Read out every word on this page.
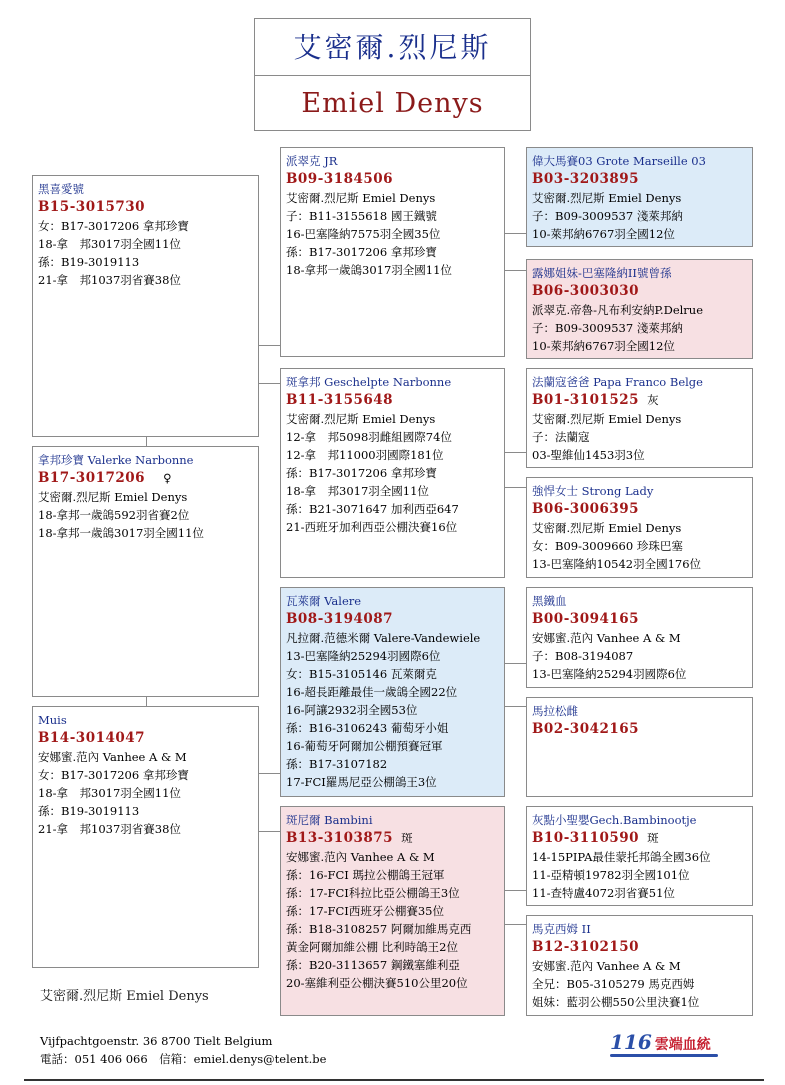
艾密爾.烈尼斯
Emiel Denys
黑喜愛號
B15-3015730
女：B17-3017206 拿邦珍寶
18-拿　邦3017羽全國11位
孫：B19-3019113
21-拿　邦1037羽省賽38位
拿邦珍寶 Valerke Narbonne
B17-3017206 ♀
艾密爾.烈尼斯 Emiel Denys
18-拿邦一歲鴿592羽省賽2位
18-拿邦一歲鴿3017羽全國11位
Muis
B14-3014047
安娜蜜.范內 Vanhee A & M
女：B17-3017206 拿邦珍寶
18-拿　邦3017羽全國11位
孫：B19-3019113
21-拿　邦1037羽省賽38位
派翠克 JR
B09-3184506
艾密爾.烈尼斯 Emiel Denys
子：B11-3155618 國王鐵號
16-巴塞隆納7575羽全國35位
孫：B17-3017206 拿邦珍寶
18-拿邦一歲鴿3017羽全國11位
斑拿邦 Geschelpte Narbonne
B11-3155648
艾密爾.烈尼斯 Emiel Denys
12-拿　邦5098羽雌組國際74位
12-拿　邦11000羽國際181位
孫：B17-3017206 拿邦珍寶
18-拿　邦3017羽全國11位
孫：B21-3071647 加利西亞647
21-西班牙加利西亞公棚決賽16位
瓦萊爾 Valere
B08-3194087
凡拉爾.范德米爾 Valere-Vandewiele
13-巴塞隆納25294羽國際6位
女：B15-3105146 瓦萊爾克
16-超長距離最佳一歲鴿全國22位
16-阿讓2932羽全國53位
孫：B16-3106243 葡萄牙小姐
16-葡萄牙阿爾加公棚預賽冠軍
孫：B17-3107182
17-FCI羅馬尼亞公棚鴿王3位
斑尼爾 Bambini
B13-3103875 斑
安娜蜜.范內 Vanhee A & M
孫：16-FCI 瑪拉公棚鴿王冠軍
孫：17-FCI科拉比亞公棚鴿王3位
孫：17-FCI西班牙公棚賽35位
孫：B18-3108257 阿爾加維馬克西
黃金阿爾加維公棚 比利時鴿王2位
孫：B20-3113657 鋼鐵塞維利亞
20-塞維利亞公棚決賽510公里20位
偉大馬賽03 Grote Marseille 03
B03-3203895
艾密爾.烈尼斯 Emiel Denys
子：B09-3009537 淺萊邦納
10-萊邦納6767羽全國12位
露娜姐妹-巴塞隆納II號曾孫
B06-3003030
派翠克.帝魯-凡布利安納P.Delrue
子：B09-3009537 淺萊邦納
10-萊邦納6767羽全國12位
法蘭寇爸爸 Papa Franco Belge
B01-3101525 灰
艾密爾.烈尼斯 Emiel Denys
子：法蘭寇
03-聖維仙1453羽3位
強悍女士 Strong Lady
B06-3006395
艾密爾.烈尼斯 Emiel Denys
女：B09-3009660 珍珠巴塞
13-巴塞隆納10542羽全國176位
黑鐵血
B00-3094165
安娜蜜.范內 Vanhee A & M
子：B08-3194087
13-巴塞隆納25294羽國際6位
馬拉松雌
B02-3042165
灰點小聖嬰Gech.Bambinootje
B10-3110590 斑
14-15PIPA最佳蒙托邦鴿全國36位
11-亞精頓19782羽全國101位
11-查特盧4072羽省賽51位
馬克西姆 II
B12-3102150
安娜蜜.范內 Vanhee A & M
全兄：B05-3105279 馬克西姆
姐妹：藍羽公棚550公里決賽1位
艾密爾.烈尼斯 Emiel Denys
Vijfpachtgoenstr. 36 8700 Tielt Belgium
電話：051 406 066　信箱：emiel.denys@telent.be
116 雲端血統
